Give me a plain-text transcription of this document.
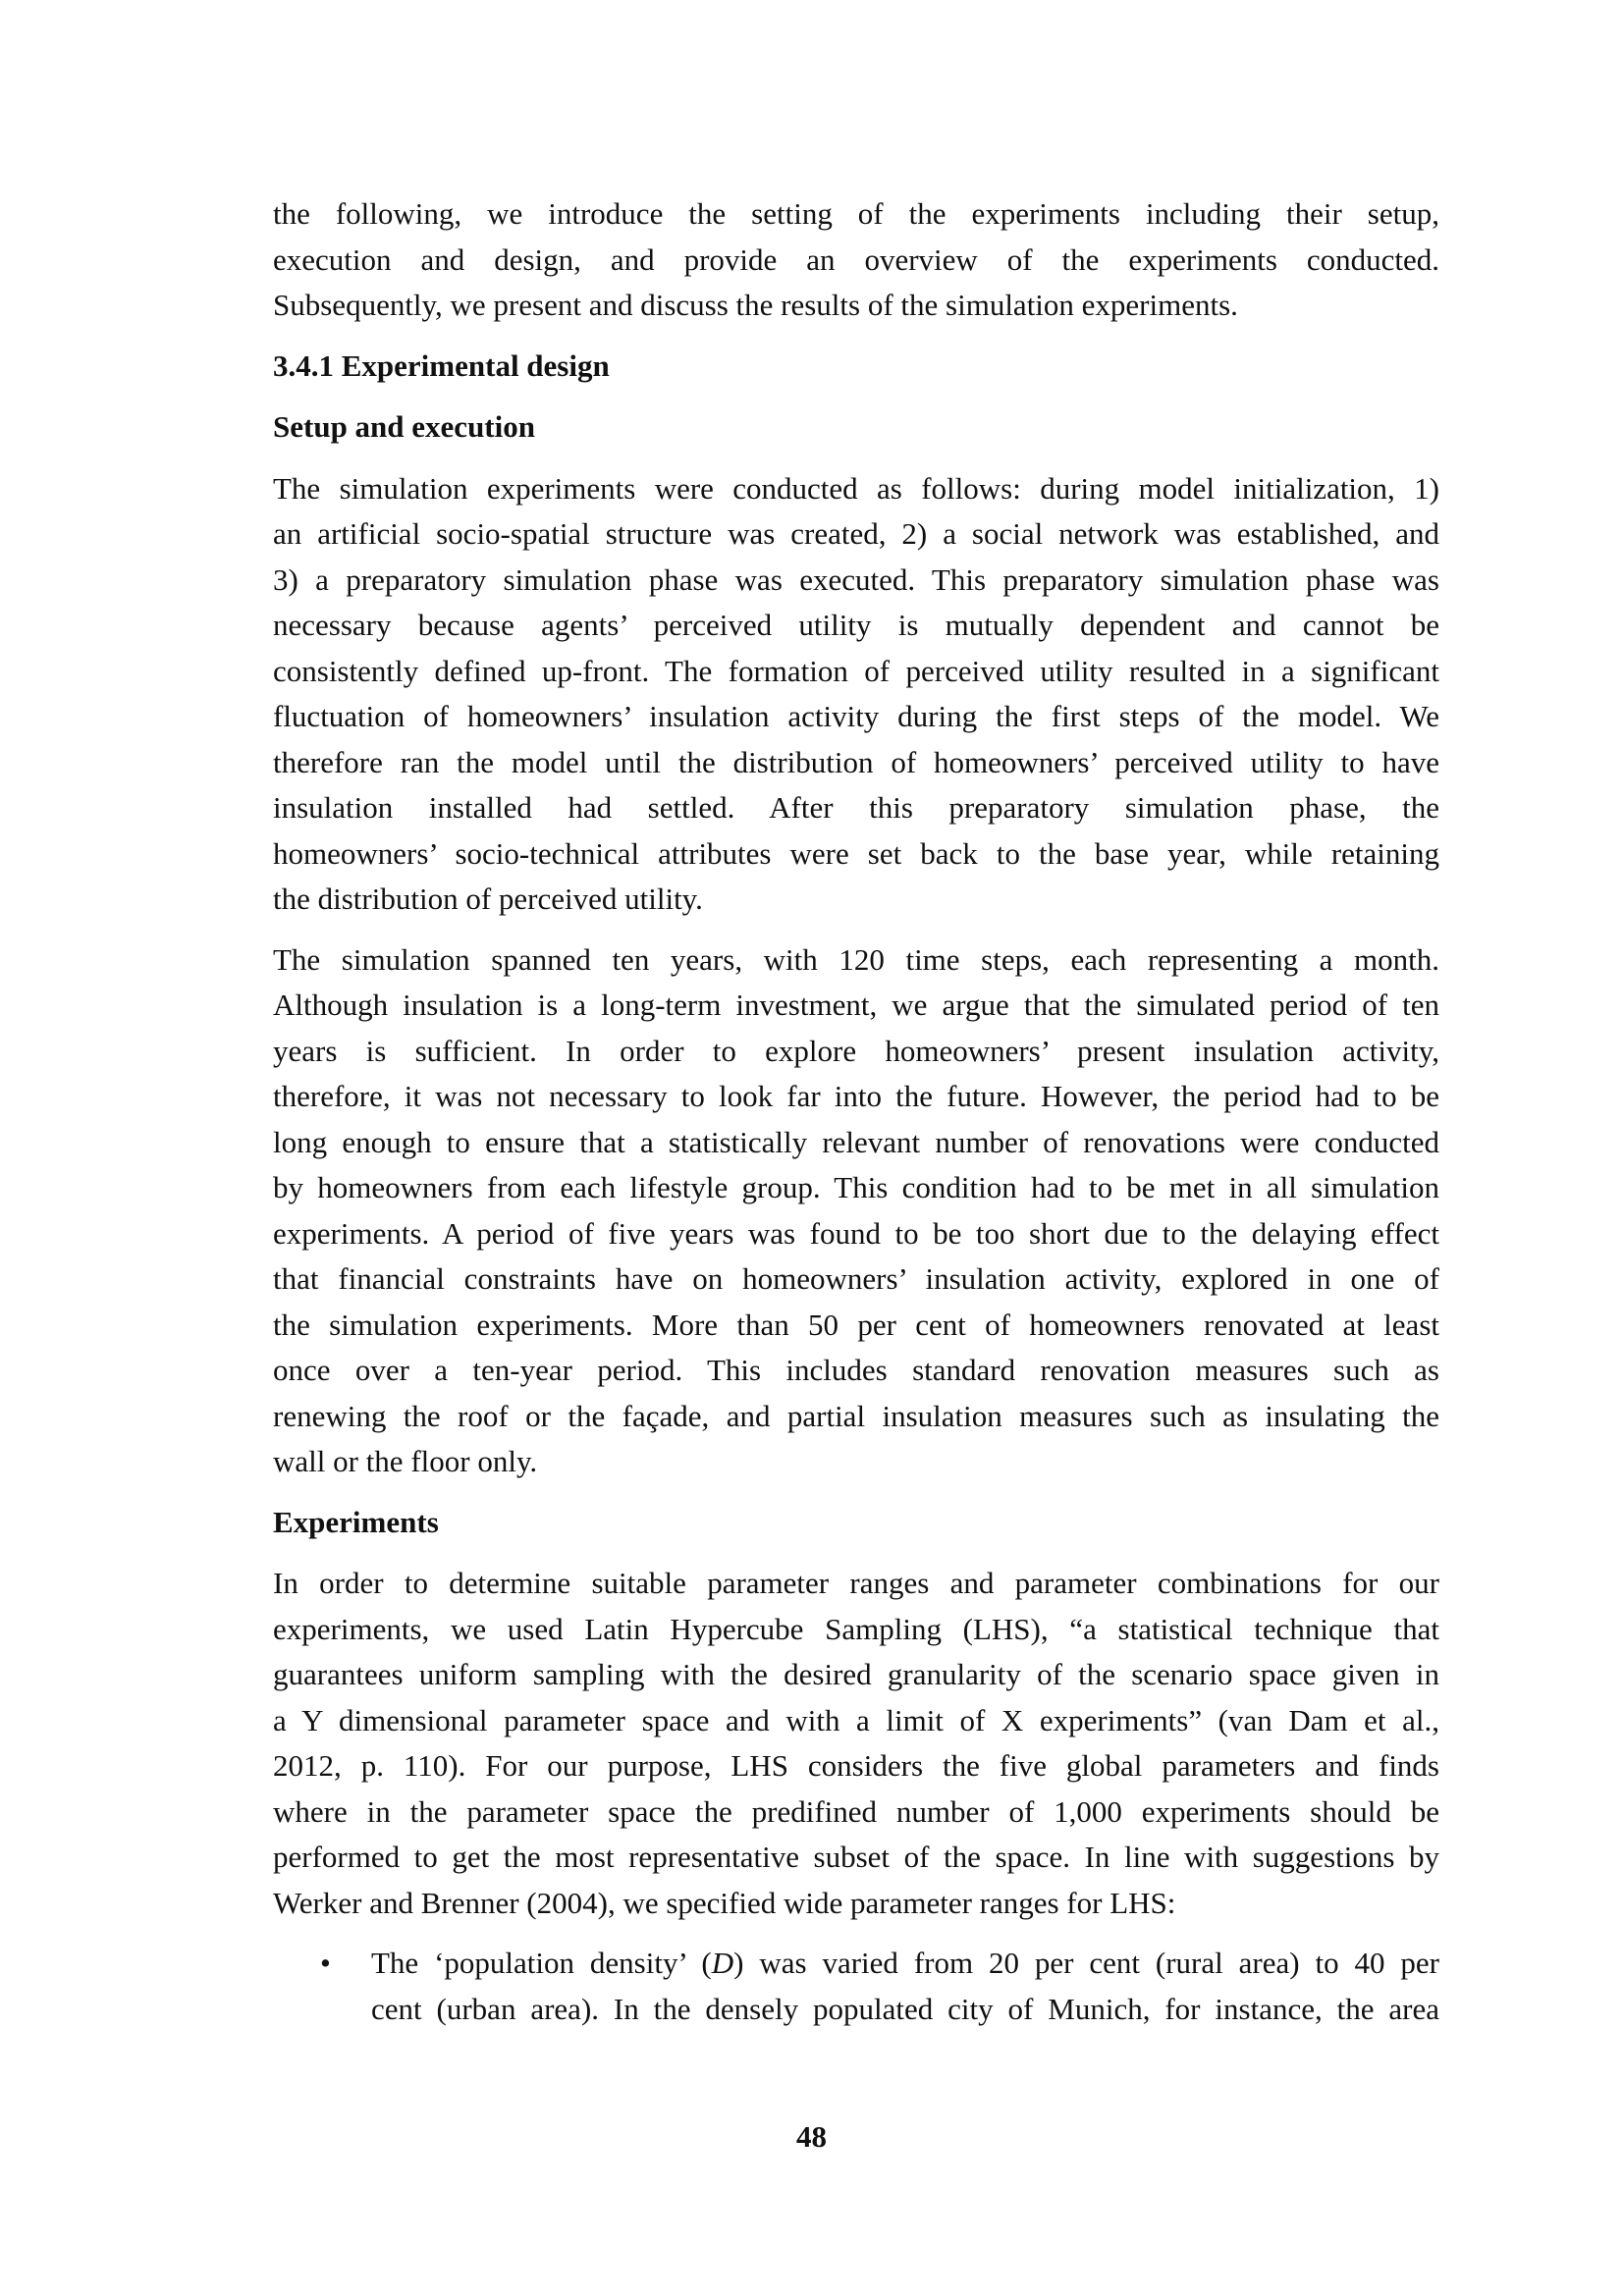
the following, we introduce the setting of the experiments including their setup,
execution and design, and provide an overview of the experiments conducted.
Subsequently, we present and discuss the results of the simulation experiments.
3.4.1 Experimental design
Setup and execution
The simulation experiments were conducted as follows: during model initialization, 1)
an artificial socio-spatial structure was created, 2) a social network was established, and
3) a preparatory simulation phase was executed. This preparatory simulation phase was
necessary because agents’ perceived utility is mutually dependent and cannot be
consistently defined up-front. The formation of perceived utility resulted in a significant
fluctuation of homeowners’ insulation activity during the first steps of the model. We
therefore ran the model until the distribution of homeowners’ perceived utility to have
insulation installed had settled. After this preparatory simulation phase, the
homeowners’ socio-technical attributes were set back to the base year, while retaining
the distribution of perceived utility.
The simulation spanned ten years, with 120 time steps, each representing a month.
Although insulation is a long-term investment, we argue that the simulated period of ten
years is sufficient. In order to explore homeowners’ present insulation activity,
therefore, it was not necessary to look far into the future. However, the period had to be
long enough to ensure that a statistically relevant number of renovations were conducted
by homeowners from each lifestyle group. This condition had to be met in all simulation
experiments. A period of five years was found to be too short due to the delaying effect
that financial constraints have on homeowners’ insulation activity, explored in one of
the simulation experiments. More than 50 per cent of homeowners renovated at least
once over a ten-year period. This includes standard renovation measures such as
renewing the roof or the façade, and partial insulation measures such as insulating the
wall or the floor only.
Experiments
In order to determine suitable parameter ranges and parameter combinations for our
experiments, we used Latin Hypercube Sampling (LHS), “a statistical technique that
guarantees uniform sampling with the desired granularity of the scenario space given in
a Y dimensional parameter space and with a limit of X experiments” (van Dam et al.,
2012, p. 110). For our purpose, LHS considers the five global parameters and finds
where in the parameter space the predifined number of 1,000 experiments should be
performed to get the most representative subset of the space. In line with suggestions by
Werker and Brenner (2004), we specified wide parameter ranges for LHS:
• The ‘population density’ (D) was varied from 20 per cent (rural area) to 40 per
cent (urban area). In the densely populated city of Munich, for instance, the area
48
